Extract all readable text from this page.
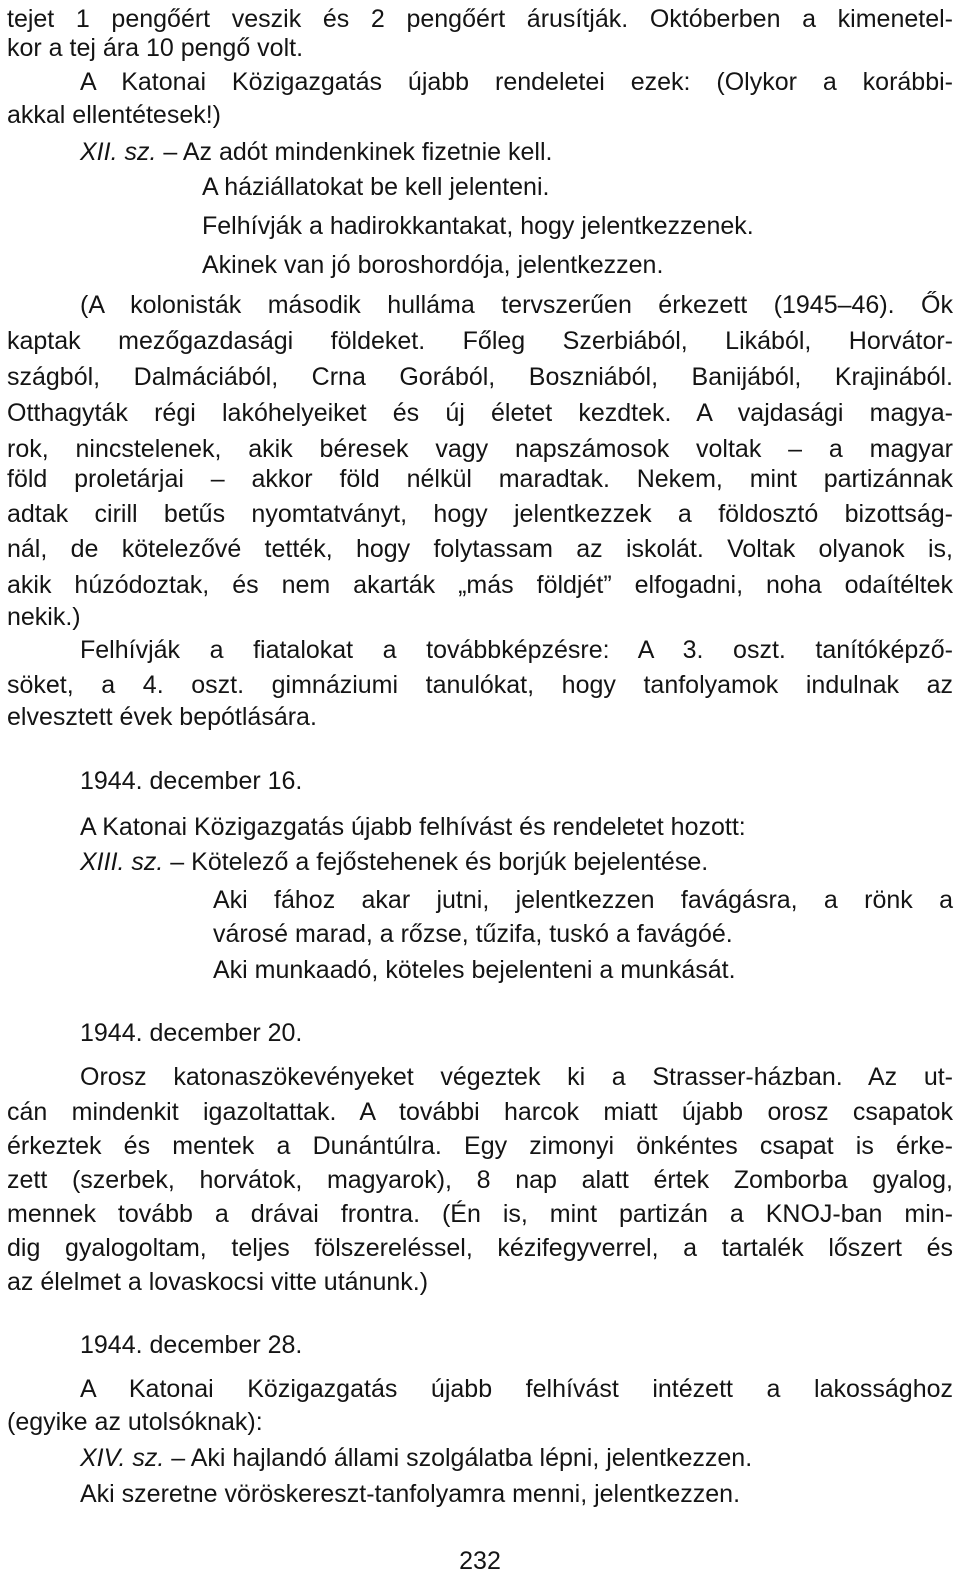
tejet 1 pengőért veszik és 2 pengőért árusítják. Októberben a kimenetel-
kor a tej ára 10 pengő volt.
A Katonai Közigazgatás újabb rendeletei ezek: (Olykor a korábbi-
akkal ellentétesek!)
XII. sz. – Az adót mindenkinek fizetnie kell.
A háziállatokat be kell jelenteni.
Felhívják a hadirokkantakat, hogy jelentkezzenek.
Akinek van jó boroshordója, jelentkezzen.
(A kolonisták második hulláma tervszerűen érkezett (1945–46). Ők
kaptak mezőgazdasági földeket. Főleg Szerbiából, Likából, Horvátor-
szágból, Dalmáciából, Crna Gorából, Boszniából, Banijából, Krajinából.
Otthagyták régi lakóhelyeiket és új életet kezdtek. A vajdasági magya-
rok, nincstelenek, akik béresek vagy napszámosok voltak – a magyar
föld proletárjai – akkor föld nélkül maradtak. Nekem, mint partizánnak
adtak cirill betűs nyomtatványt, hogy jelentkezzek a földosztó bizottság-
nál, de kötelezővé tették, hogy folytassam az iskolát. Voltak olyanok is,
akik húzódoztak, és nem akarták „más földjét” elfogadni, noha odaítéltek
nekik.)
Felhívják a fiatalokat a továbbképzésre: A 3. oszt. tanítóképző-
söket, a 4. oszt. gimnáziumi tanulókat, hogy tanfolyamok indulnak az
elvesztett évek bepótlására.
1944. december 16.
A Katonai Közigazgatás újabb felhívást és rendeletet hozott:
XIII. sz. – Kötelező a fejőstehenek és borjúk bejelentése.
Aki fához akar jutni, jelentkezzen favágásra, a rönk a
városé marad, a rőzse, tűzifa, tuskó a favágóé.
Aki munkaadó, köteles bejelenteni a munkását.
1944. december 20.
Orosz katonaszökevényeket végeztek ki a Strasser-házban. Az ut-
cán mindenkit igazoltattak. A további harcok miatt újabb orosz csapatok
érkeztek és mentek a Dunántúlra. Egy zimonyi önkéntes csapat is érke-
zett (szerbek, horvátok, magyarok), 8 nap alatt értek Zomborba gyalog,
mennek tovább a drávai frontra. (Én is, mint partizán a KNOJ-ban min-
dig gyalogoltam, teljes fölszereléssel, kézifegyverrel, a tartalék lőszert és
az élelmet a lovaskocsi vitte utánunk.)
1944. december 28.
A Katonai Közigazgatás újabb felhívást intézett a lakossághoz
(egyike az utolsóknak):
XIV. sz. – Aki hajlandó állami szolgálatba lépni, jelentkezzen.
Aki szeretne vöröskereszt-tanfolyamra menni, jelentkezzen.
232
